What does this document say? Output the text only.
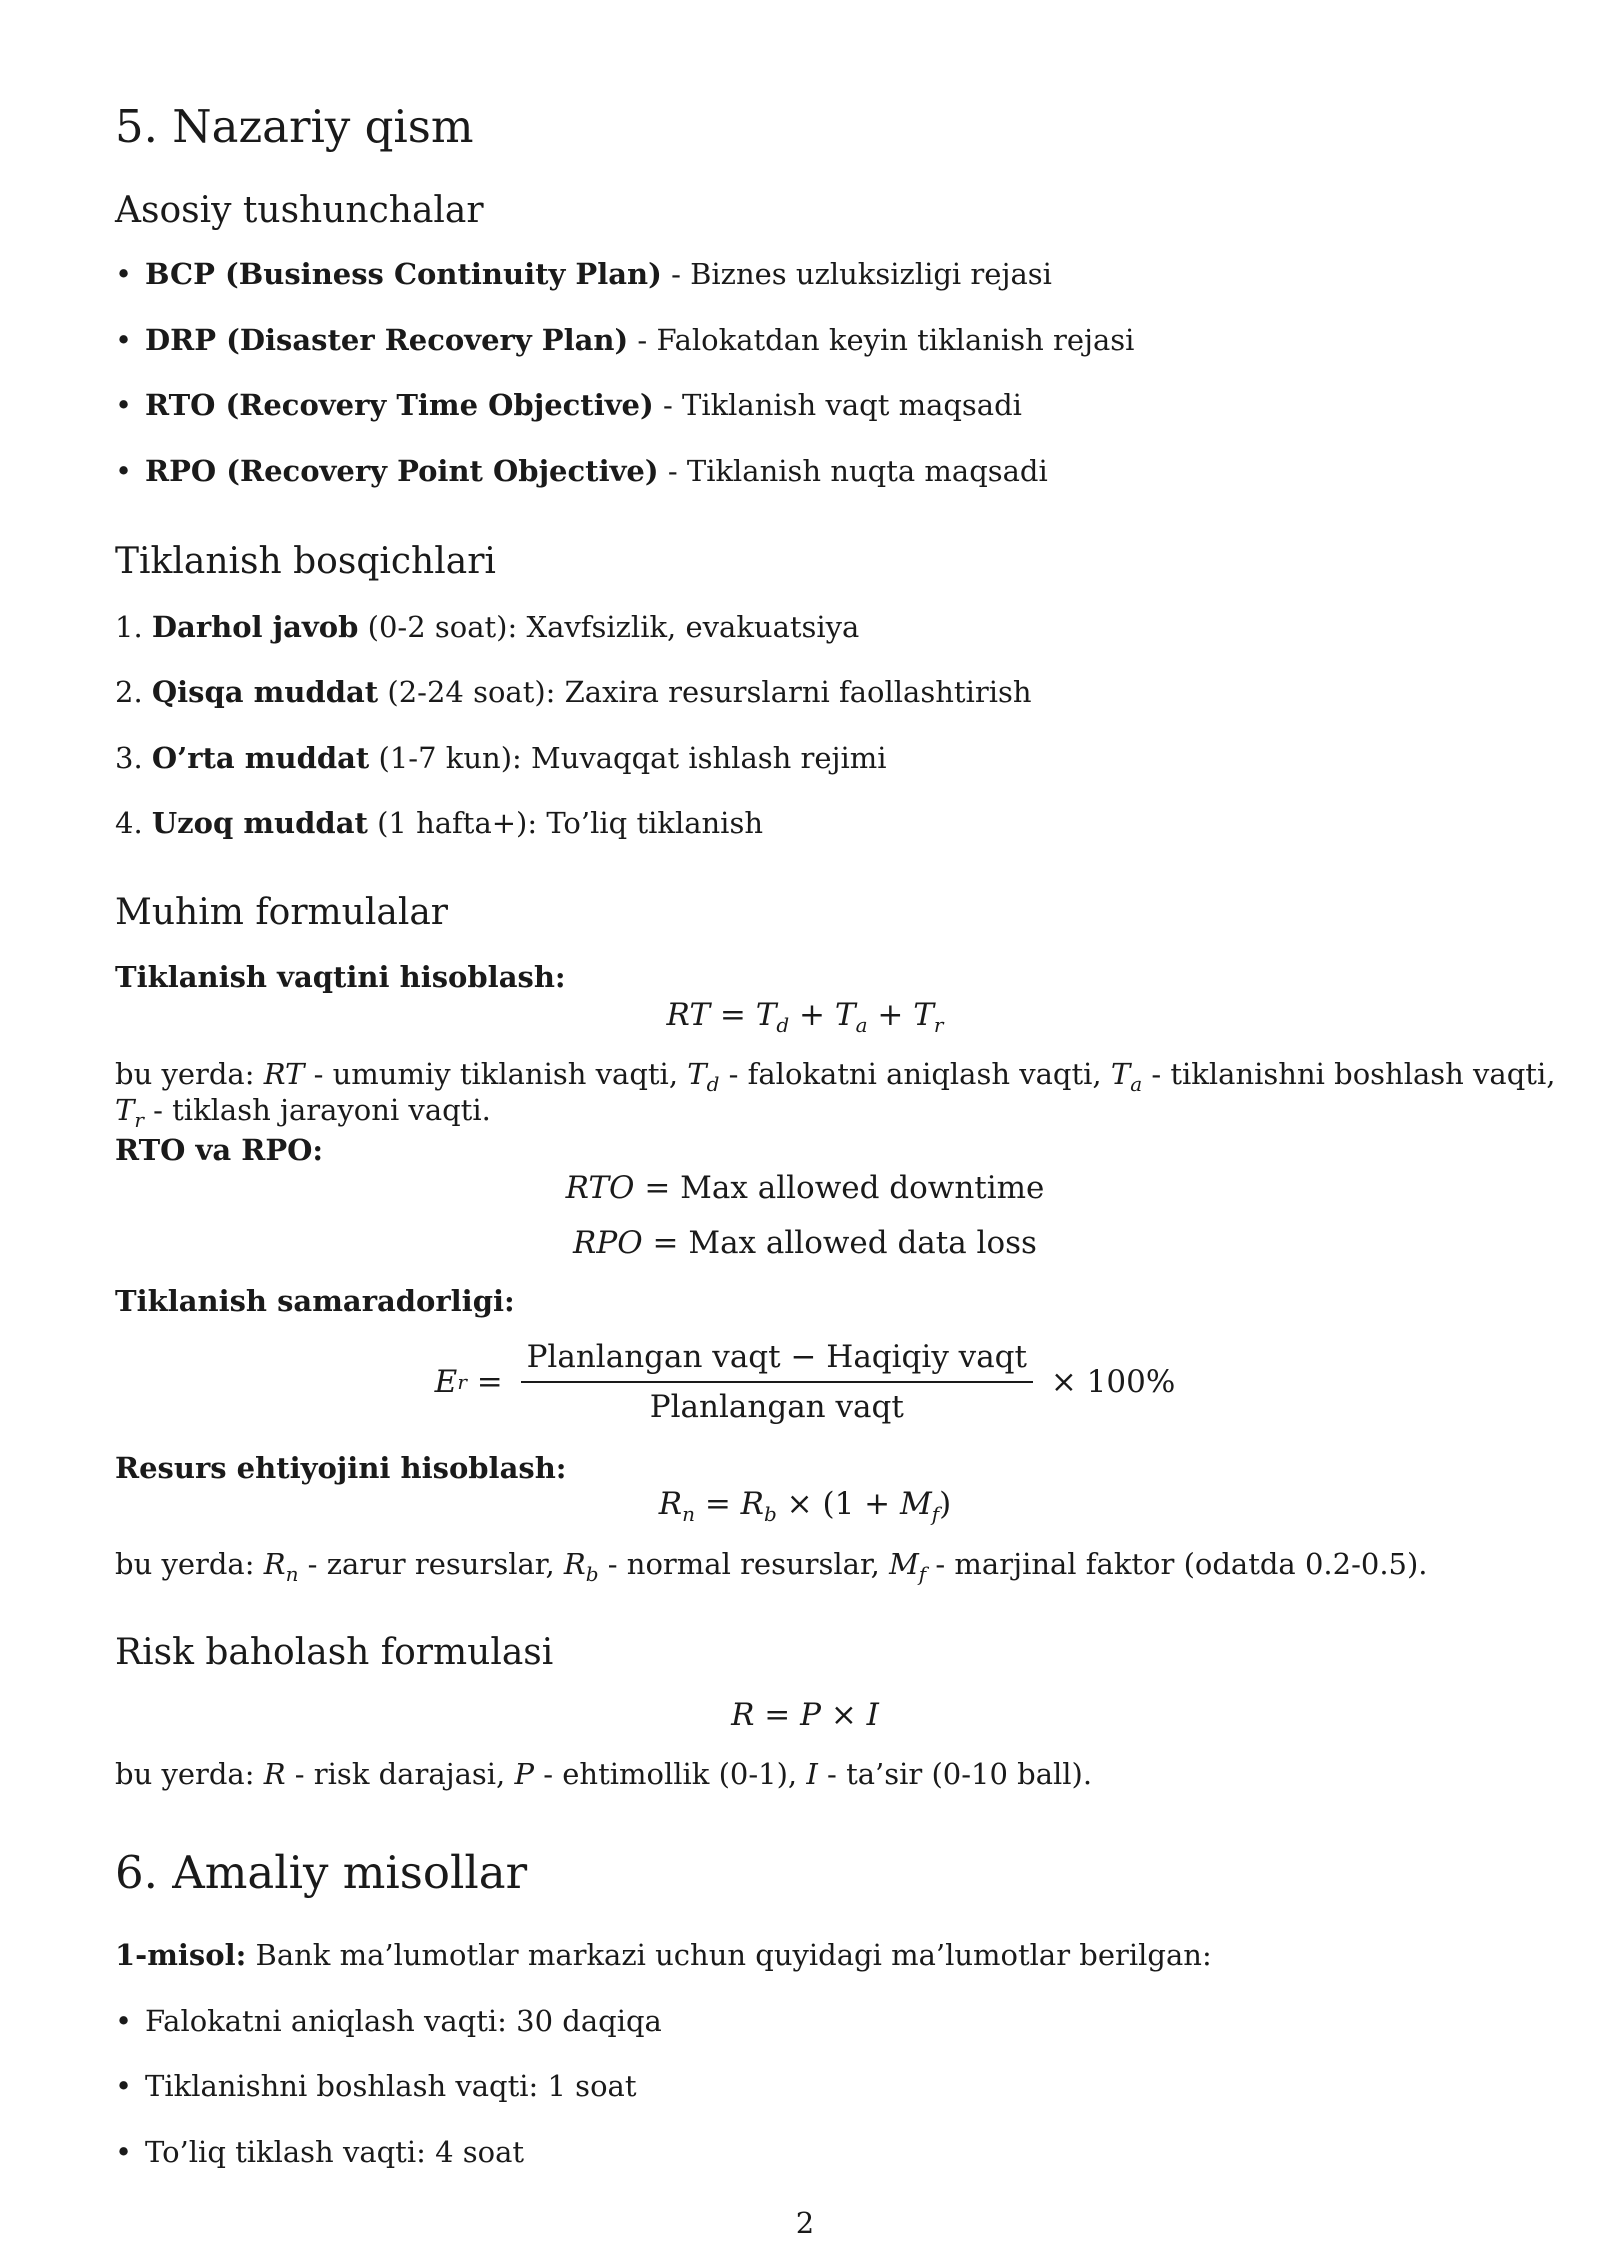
5. Nazariy qism
Asosiy tushunchalar
• BCP (Business Continuity Plan) - Biznes uzluksizligi rejasi
• DRP (Disaster Recovery Plan) - Falokatdan keyin tiklanish rejasi
• RTO (Recovery Time Objective) - Tiklanish vaqt maqsadi
• RPO (Recovery Point Objective) - Tiklanish nuqta maqsadi
Tiklanish bosqichlari
1. Darhol javob (0-2 soat): Xavfsizlik, evakuatsiya
2. Qisqa muddat (2-24 soat): Zaxira resurslarni faollashtirish
3. O’rta muddat (1-7 kun): Muvaqqat ishlash rejimi
4. Uzoq muddat (1 hafta+): To’liq tiklanish
Muhim formulalar
Tiklanish vaqtini hisoblash:
RT = $T_d + T_a + T_r$
bu yerda: RT - umumiy tiklanish vaqti, $T_d$ - falokatni aniqlash vaqti, $T_a$ - tiklanishni boshlash vaqti,
$T_r$ - tiklash jarayoni vaqti.
RTO va RPO:
RTO = Max allowed downtime
RPO = Max allowed data loss
Tiklanish samaradorligi:
$Er = \frac{\text{Planlangan vaqt − Haqiqiy vaqt}}{\text{Planlangan vaqt}} \times 100\%$
Resurs ehtiyojini hisoblash:
$R_n = R_b \times (1 + M_f)$
bu yerda: $R_n$ - zarur resurslar, $R_b$ - normal resurslar, $M_f$ - marjinal faktor (odatda 0.2-0.5).
Risk baholash formulasi
R = P × I
bu yerda: R - risk darajasi, P - ehtimollik (0-1), I - ta’sir (0-10 ball).
6. Amaliy misollar
1-misol: Bank ma’lumotlar markazi uchun quyidagi ma’lumotlar berilgan:
• Falokatni aniqlash vaqti: 30 daqiqa
• Tiklanishni boshlash vaqti: 1 soat
• To’liq tiklash vaqti: 4 soat
2
